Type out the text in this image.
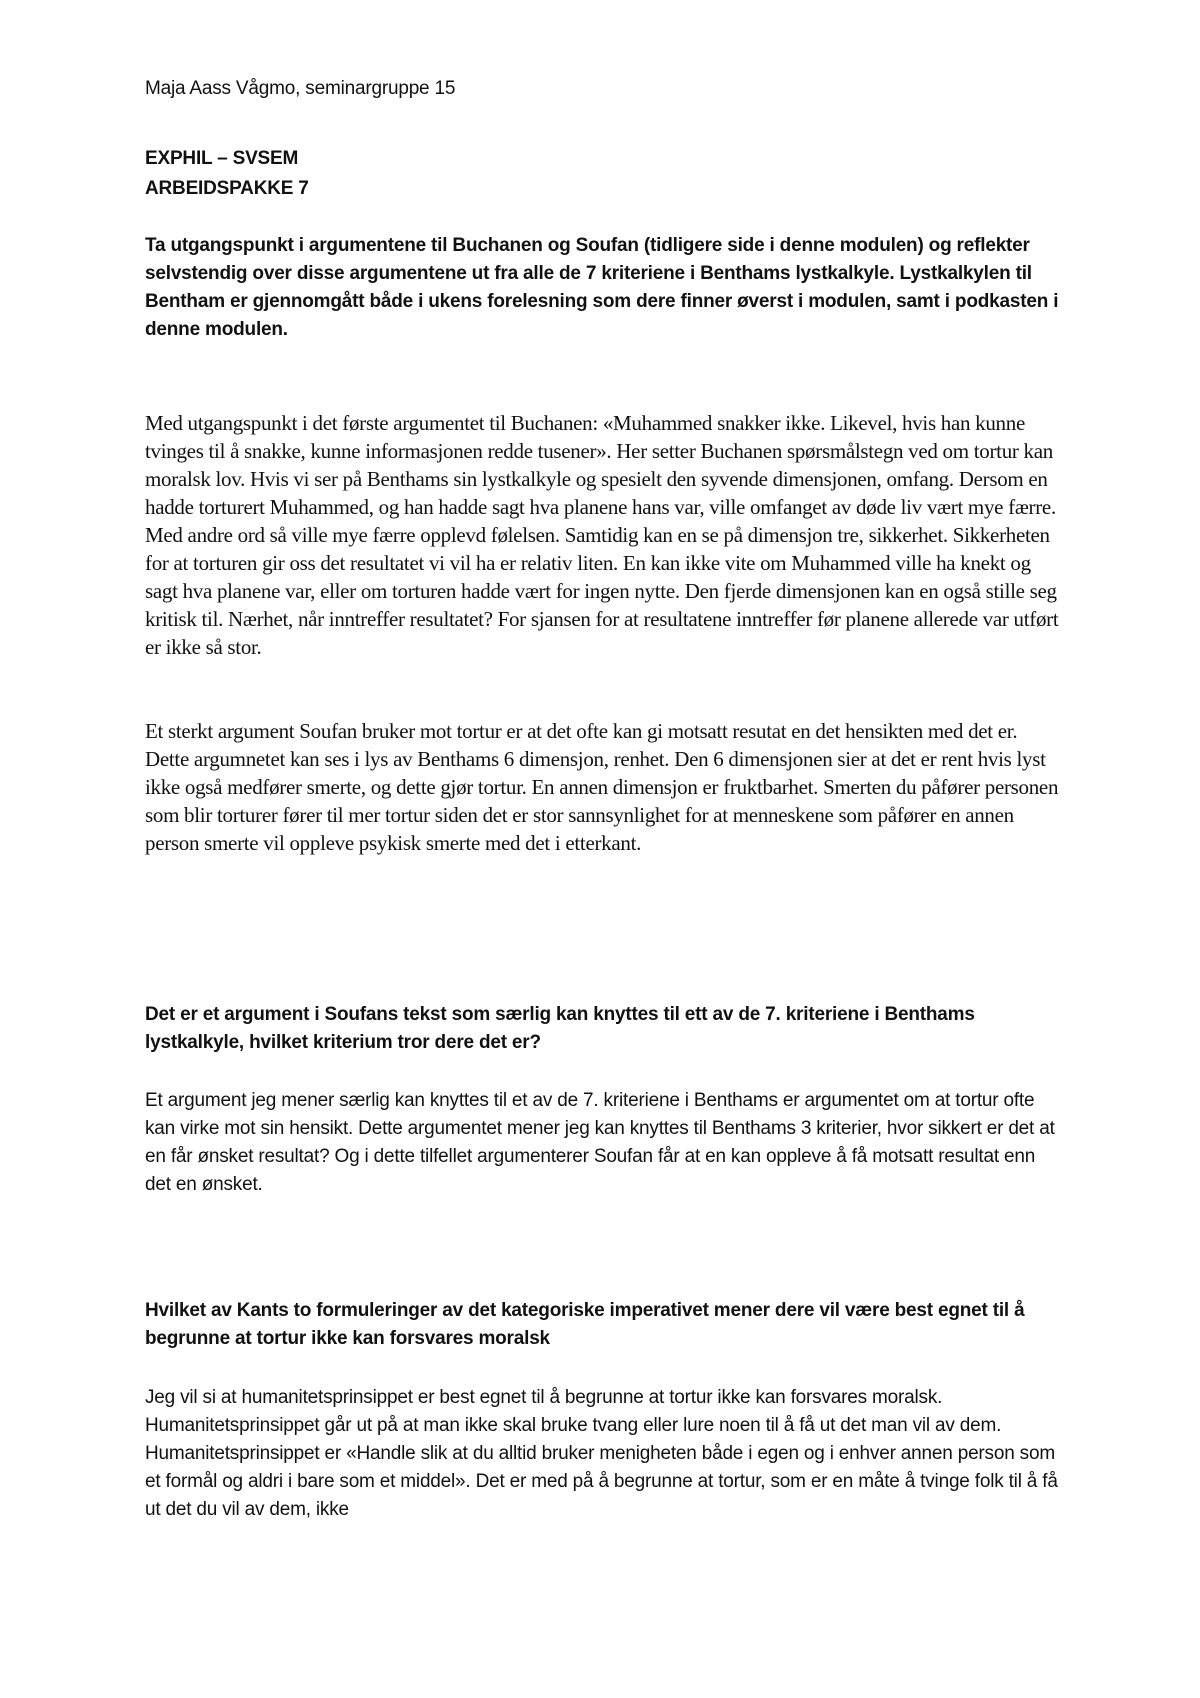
Maja Aass Vågmo, seminargruppe 15

EXPHIL – SVSEM

ARBEIDSPAKKE 7

Ta utgangspunkt i argumentene til Buchanen og Soufan (tidligere side i denne modulen) og reflekter selvstendig over disse argumentene ut fra alle de 7 kriteriene i Benthams lystkalkyle. Lystkalkylen til Bentham er gjennomgått både i ukens forelesning som dere finner øverst i modulen, samt i podkasten i denne modulen.

Med utgangspunkt i det første argumentet til Buchanen: «Muhammed snakker ikke. Likevel, hvis han kunne tvinges til å snakke, kunne informasjonen redde tusener». Her setter Buchanen spørsmålstegn ved om tortur kan moralsk lov. Hvis vi ser på Benthams sin lystkalkyle og spesielt den syvende dimensjonen, omfang. Dersom en hadde torturert Muhammed, og han hadde sagt hva planene hans var, ville omfanget av døde liv vært mye færre. Med andre ord så ville mye færre opplevd følelsen. Samtidig kan en se på dimensjon tre, sikkerhet. Sikkerheten for at torturen gir oss det resultatet vi vil ha er relativ liten. En kan ikke vite om Muhammed ville ha knekt og sagt hva planene var, eller om torturen hadde vært for ingen nytte. Den fjerde dimensjonen kan en også stille seg kritisk til. Nærhet, når inntreffer resultatet? For sjansen for at resultatene inntreffer før planene allerede var utført er ikke så stor.

Et sterkt argument Soufan bruker mot tortur er at det ofte kan gi motsatt resutat en det hensikten med det er. Dette argumnetet kan ses i lys av Benthams 6 dimensjon, renhet. Den 6 dimensjonen sier at det er rent hvis lyst ikke også medfører smerte, og dette gjør tortur. En annen dimensjon er fruktbarhet. Smerten du påfører personen som blir torturer fører til mer tortur siden det er stor sannsynlighet for at menneskene som påfører en annen person smerte vil oppleve psykisk smerte med det i etterkant.

Det er et argument i Soufans tekst som særlig kan knyttes til ett av de 7. kriteriene i Benthams lystkalkyle, hvilket kriterium tror dere det er?

Et argument jeg mener særlig kan knyttes til et av de 7. kriteriene i Benthams er argumentet om at tortur ofte kan virke mot sin hensikt. Dette argumentet mener jeg kan knyttes til Benthams 3 kriterier, hvor sikkert er det at en får ønsket resultat? Og i dette tilfellet argumenterer Soufan får at en kan oppleve å få motsatt resultat enn det en ønsket.

Hvilket av Kants to formuleringer av det kategoriske imperativet mener dere vil være best egnet til å begrunne at tortur ikke kan forsvares moralsk

Jeg vil si at humanitetsprinsippet er best egnet til å begrunne at tortur ikke kan forsvares moralsk. Humanitetsprinsippet går ut på at man ikke skal bruke tvang eller lure noen til å få ut det man vil av dem. Humanitetsprinsippet er «Handle slik at du alltid bruker menigheten både i egen og i enhver annen person som et formål og aldri i bare som et middel». Det er med på å begrunne at tortur, som er en måte å tvinge folk til å få ut det du vil av dem, ikke
